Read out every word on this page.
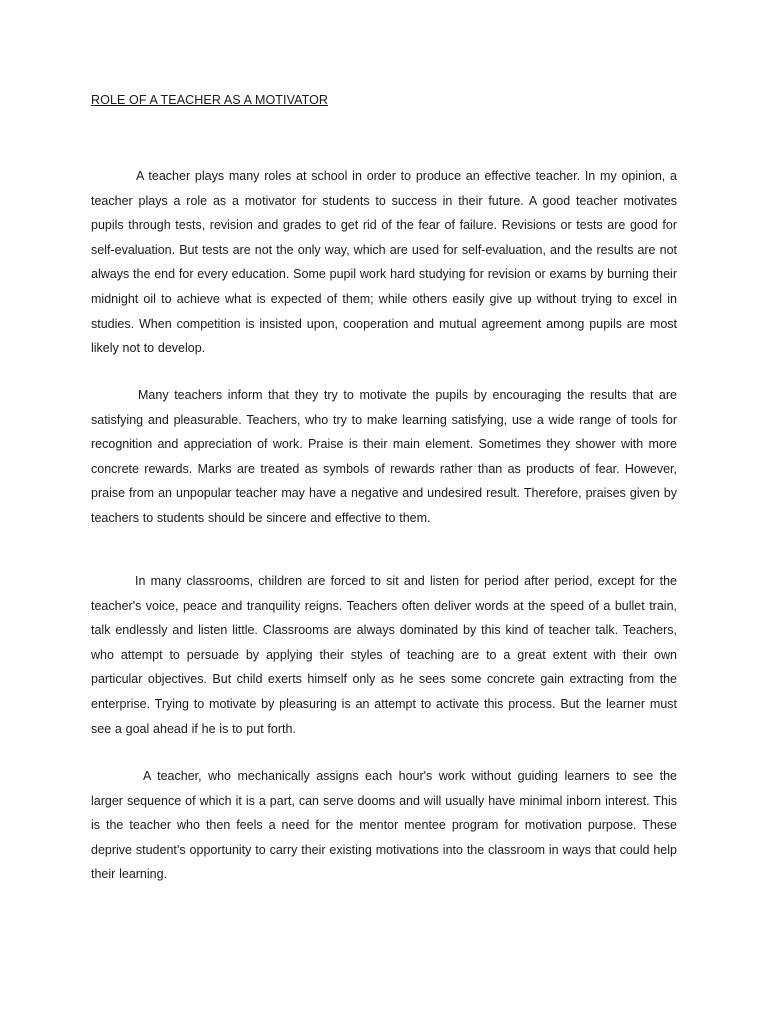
ROLE OF A TEACHER AS A MOTIVATOR

A teacher plays many roles at school in order to produce an effective teacher. In my opinion, a teacher plays a role as a motivator for students to success in their future. A good teacher motivates pupils through tests, revision and grades to get rid of the fear of failure. Revisions or tests are good for self-evaluation. But tests are not the only way, which are used for self-evaluation, and the results are not always the end for every education. Some pupil work hard studying for revision or exams by burning their midnight oil to achieve what is expected of them; while others easily give up without trying to excel in studies. When competition is insisted upon, cooperation and mutual agreement among pupils are most likely not to develop.

Many teachers inform that they try to motivate the pupils by encouraging the results that are satisfying and pleasurable. Teachers, who try to make learning satisfying, use a wide range of tools for recognition and appreciation of work. Praise is their main element. Sometimes they shower with more concrete rewards. Marks are treated as symbols of rewards rather than as products of fear. However, praise from an unpopular teacher may have a negative and undesired result. Therefore, praises given by teachers to students should be sincere and effective to them.

In many classrooms, children are forced to sit and listen for period after period, except for the teacher's voice, peace and tranquility reigns. Teachers often deliver words at the speed of a bullet train, talk endlessly and listen little. Classrooms are always dominated by this kind of teacher talk. Teachers, who attempt to persuade by applying their styles of teaching are to a great extent with their own particular objectives. But child exerts himself only as he sees some concrete gain extracting from the enterprise. Trying to motivate by pleasuring is an attempt to activate this process. But the learner must see a goal ahead if he is to put forth.

A teacher, who mechanically assigns each hour's work without guiding learners to see the larger sequence of which it is a part, can serve dooms and will usually have minimal inborn interest. This is the teacher who then feels a need for the mentor mentee program for motivation purpose. These deprive student’s opportunity to carry their existing motivations into the classroom in ways that could help their learning.
